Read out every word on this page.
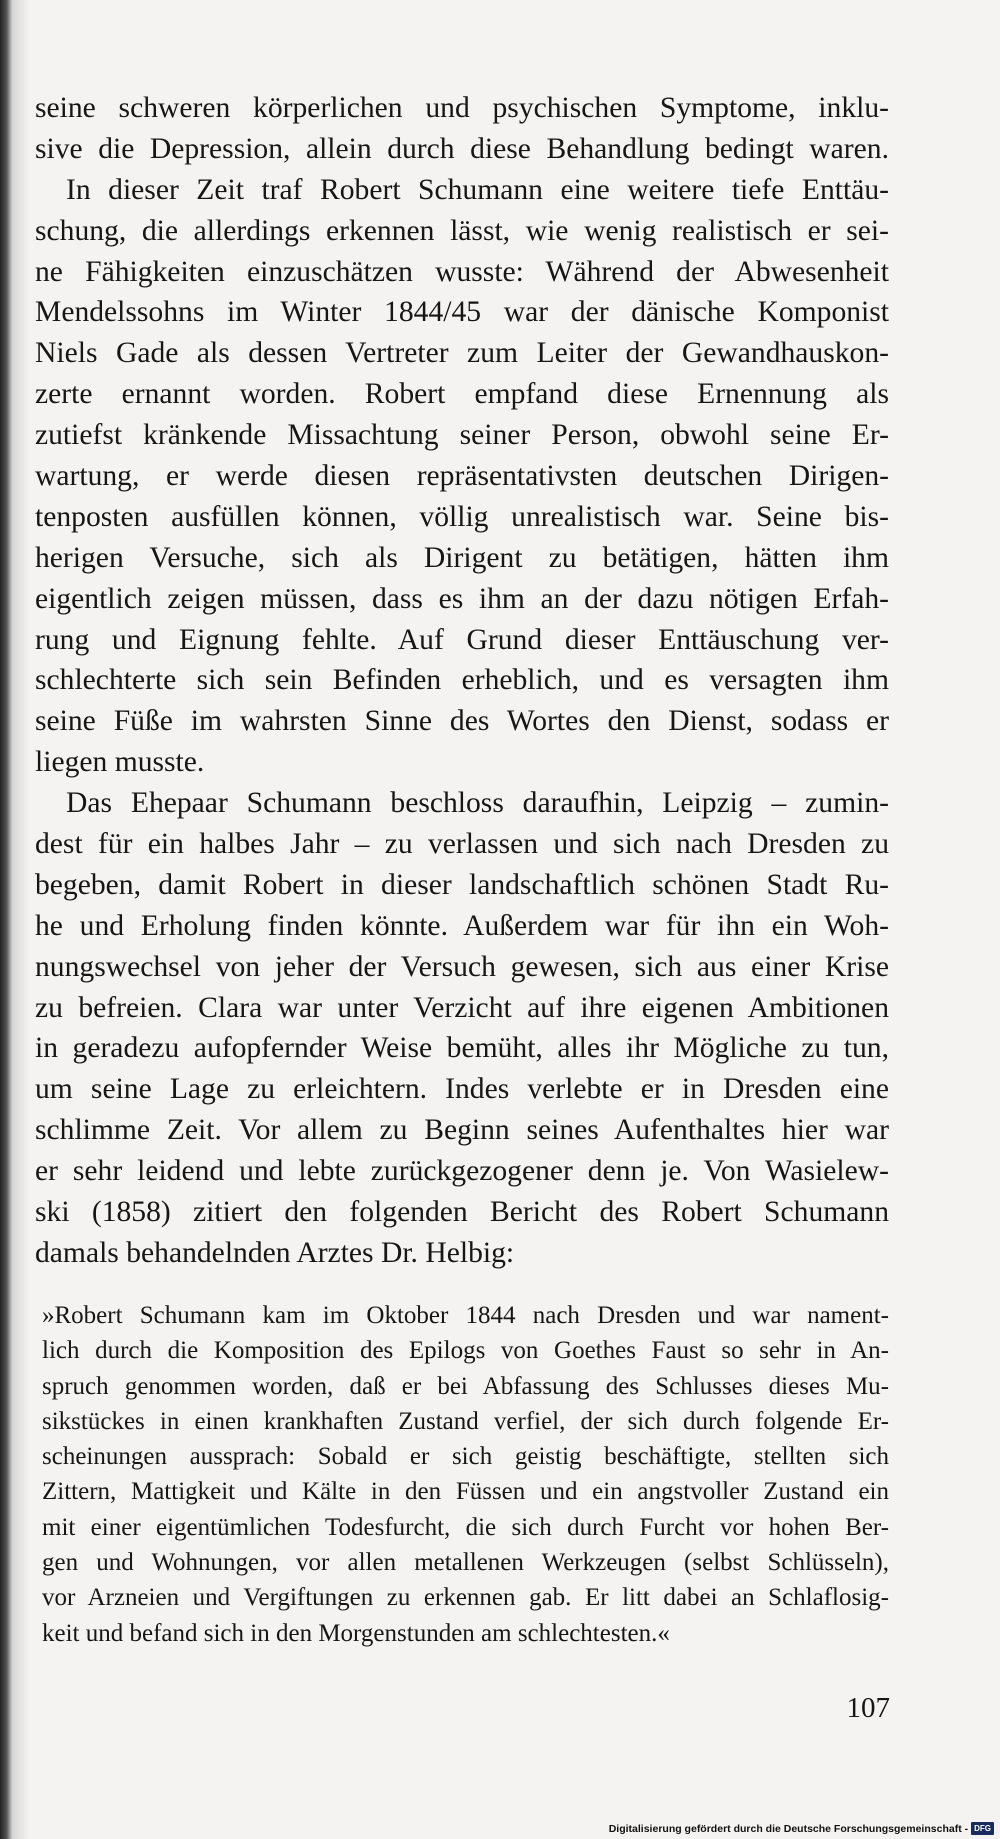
seine schweren körperlichen und psychischen Symptome, inklu-
sive die Depression, allein durch diese Behandlung bedingt waren.
In dieser Zeit traf Robert Schumann eine weitere tiefe Enttäu-
schung, die allerdings erkennen lässt, wie wenig realistisch er sei-
ne Fähigkeiten einzuschätzen wusste: Während der Abwesenheit
Mendelssohns im Winter 1844/45 war der dänische Komponist
Niels Gade als dessen Vertreter zum Leiter der Gewandhauskon-
zerte ernannt worden. Robert empfand diese Ernennung als
zutiefst kränkende Missachtung seiner Person, obwohl seine Er-
wartung, er werde diesen repräsentativsten deutschen Dirigen-
tenposten ausfüllen können, völlig unrealistisch war. Seine bis-
herigen Versuche, sich als Dirigent zu betätigen, hätten ihm
eigentlich zeigen müssen, dass es ihm an der dazu nötigen Erfah-
rung und Eignung fehlte. Auf Grund dieser Enttäuschung ver-
schlechterte sich sein Befinden erheblich, und es versagten ihm
seine Füße im wahrsten Sinne des Wortes den Dienst, sodass er
liegen musste.
Das Ehepaar Schumann beschloss daraufhin, Leipzig – zumin-
dest für ein halbes Jahr – zu verlassen und sich nach Dresden zu
begeben, damit Robert in dieser landschaftlich schönen Stadt Ru-
he und Erholung finden könnte. Außerdem war für ihn ein Woh-
nungswechsel von jeher der Versuch gewesen, sich aus einer Krise
zu befreien. Clara war unter Verzicht auf ihre eigenen Ambitionen
in geradezu aufopfernder Weise bemüht, alles ihr Mögliche zu tun,
um seine Lage zu erleichtern. Indes verlebte er in Dresden eine
schlimme Zeit. Vor allem zu Beginn seines Aufenthaltes hier war
er sehr leidend und lebte zurückgezogener denn je. Von Wasielew-
ski (1858) zitiert den folgenden Bericht des Robert Schumann
damals behandelnden Arztes Dr. Helbig:
»Robert Schumann kam im Oktober 1844 nach Dresden und war nament-
lich durch die Komposition des Epilogs von Goethes Faust so sehr in An-
spruch genommen worden, daß er bei Abfassung des Schlusses dieses Mu-
sikstückes in einen krankhaften Zustand verfiel, der sich durch folgende Er-
scheinungen aussprach: Sobald er sich geistig beschäftigte, stellten sich
Zittern, Mattigkeit und Kälte in den Füssen und ein angstvoller Zustand ein
mit einer eigentümlichen Todesfurcht, die sich durch Furcht vor hohen Ber-
gen und Wohnungen, vor allen metallenen Werkzeugen (selbst Schlüsseln),
vor Arzneien und Vergiftungen zu erkennen gab. Er litt dabei an Schlaflosig-
keit und befand sich in den Morgenstunden am schlechtesten.«
107
Digitalisierung gefördert durch die Deutsche Forschungsgemeinschaft - DFG
